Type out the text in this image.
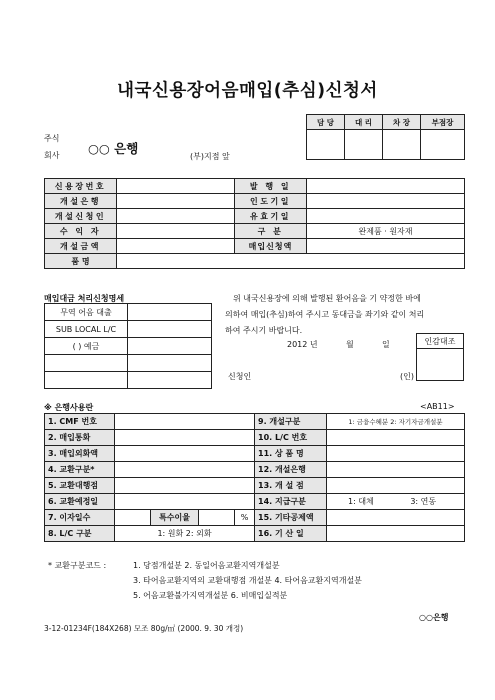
내국신용장어음매입(추심)신청서
담 당	대 리	차 장	부점장

주식
회사 ○○ 은행
(부)지점 앞
신용장번호		발 행 일	
개설은행		인도기일	
개설신청인		유효기일	
수 익 자		구 분	완제품 · 원자재
개설금액		매입신청액	
품 명			
매입대금 처리신청명세
무역 어음 대출	
SUB LOCAL L/C	
( ) 예금	

위 내국신용장에 의해 발행된 환어음을 기 약정한 바에
의하여 매입(추심)하여 주시고 동대금을 좌기와 같이 처리
하여 주시기 바랍니다.
2012 년	월	일
신청인	(인)
인감대조

※ 은행사용란	<AB11>
1. CMF 번호					9. 개설구분	1: 금융수혜분 2: 자기자금개설분
2. 매입통화					10. L/C 번호	
3. 매입외화액					11. 상 품 명	
4. 교환구분*					12. 개설은행	
5. 교환대행점					13. 개 설 점	
6. 교환예정일					14. 지급구분	1: 대체 3: 연동
7. 이자일수		특수이율		%	15. 기타공제액	
8. L/C 구분	1: 원화 2: 외화				16. 기 산 일	
* 교환구분코드 :	1. 당점개설분 2. 동일어음교환지역개설분
3. 타어음교환지역의 교환대행점 개설분 4. 타어음교환지역개설분
5. 어음교환불가지역개설분 6. 비매입실적분
○○은행
3-12-01234F(184X268) 모조 80g/㎡ (2000. 9. 30 개정)
